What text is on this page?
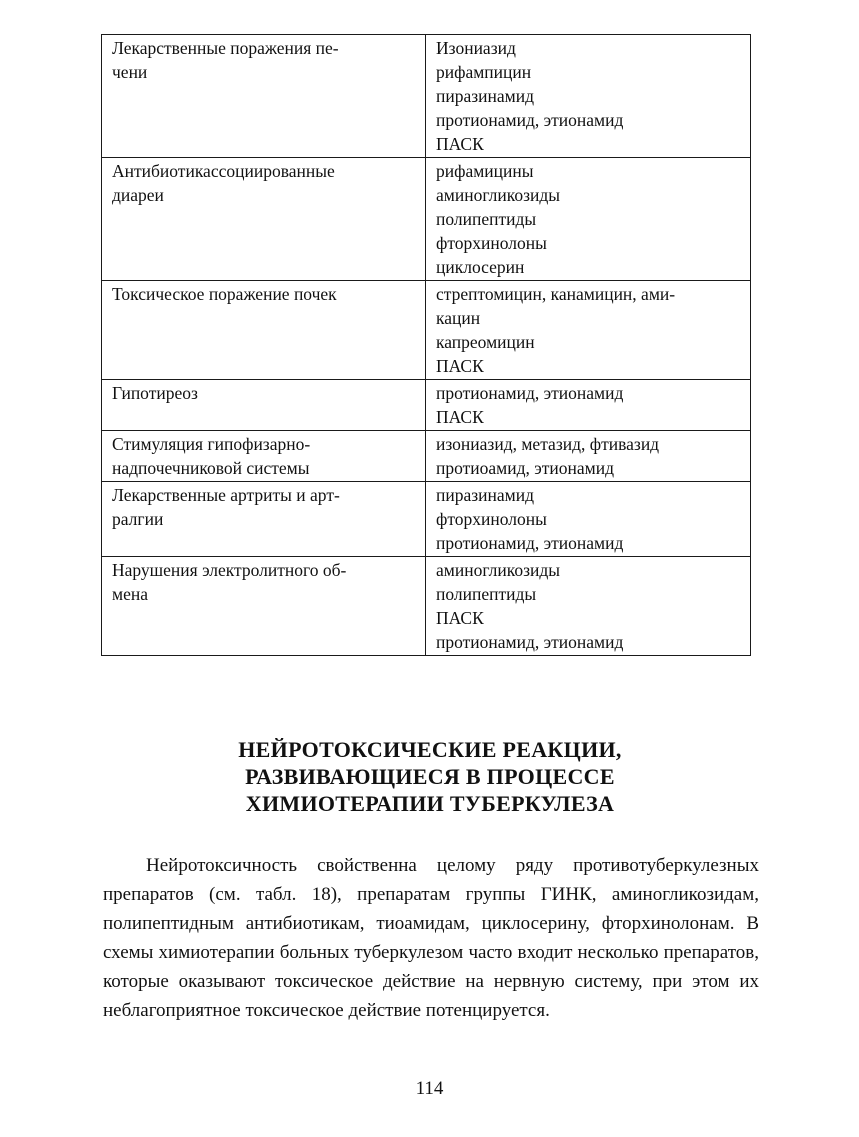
Лекарственные поражения пе-
чени	Изониазид
рифампицин
пиразинамид
протионамид, этионамид
ПАСК

Антибиотикассоциированные
диареи	рифамицины
аминогликозиды
полипептиды
фторхинолоны
циклосерин

Токсическое поражение почек	стрептомицин, канамицин, ами-
кацин
капреомицин
ПАСК

Гипотиреоз	протионамид, этионамид
ПАСК

Стимуляция гипофизарно-
надпочечниковой системы	изониазид, метазид, фтивазид
протиоамид, этионамид

Лекарственные артриты и арт-
ралгии	пиразинамид
фторхинолоны
протионамид, этионамид

Нарушения электролитного об-
мена	аминогликозиды
полипептиды
ПАСК
протионамид, этионамид
НЕЙРОТОКСИЧЕСКИЕ РЕАКЦИИ,
РАЗВИВАЮЩИЕСЯ В ПРОЦЕССЕ
ХИМИОТЕРАПИИ ТУБЕРКУЛЕЗА

Нейротоксичность свойственна целому ряду противотуберкулезных препаратов (см. табл. 18), препаратам группы ГИНК, аминогликозидам, полипептидным антибиотикам, тиоамидам, циклосерину, фторхинолонам. В схемы химиотерапии больных туберкулезом часто входит несколько препаратов, которые оказывают токсическое действие на нервную систему, при этом их неблагоприятное токсическое действие потенцируется.

114
